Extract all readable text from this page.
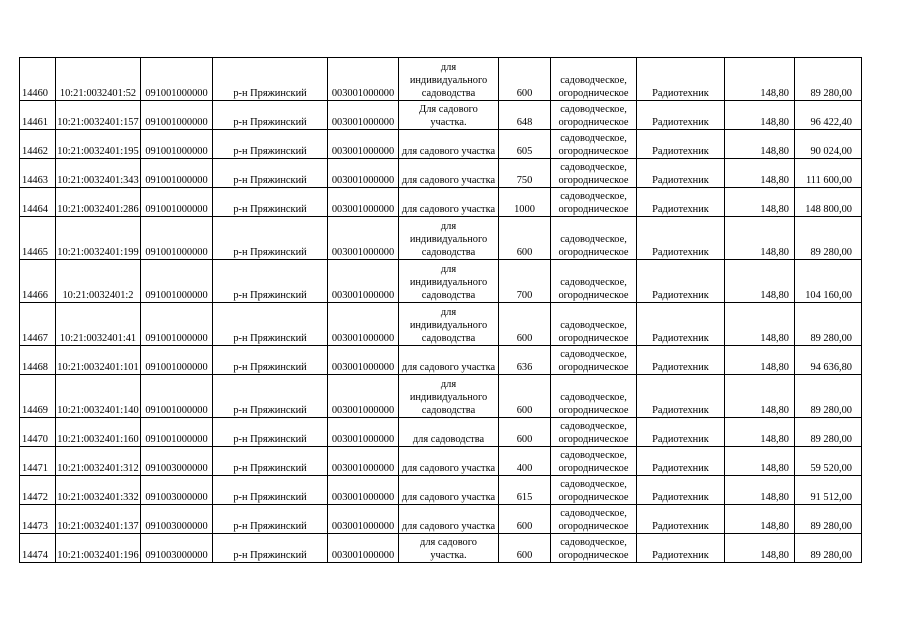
14460	10:21:0032401:52	091001000000	р-н Пряжинский	003001000000	для
индивидуального
садоводства	600	садоводческое,
огородническое	Радиотехник	148,80	89 280,00
14461	10:21:0032401:157	091001000000	р-н Пряжинский	003001000000	Для садового
участка.	648	садоводческое,
огородническое	Радиотехник	148,80	96 422,40
14462	10:21:0032401:195	091001000000	р-н Пряжинский	003001000000	для садового участка	605	садоводческое,
огородническое	Радиотехник	148,80	90 024,00
14463	10:21:0032401:343	091001000000	р-н Пряжинский	003001000000	для садового участка	750	садоводческое,
огородническое	Радиотехник	148,80	111 600,00
14464	10:21:0032401:286	091001000000	р-н Пряжинский	003001000000	для садового участка	1000	садоводческое,
огородническое	Радиотехник	148,80	148 800,00
14465	10:21:0032401:199	091001000000	р-н Пряжинский	003001000000	для
индивидуального
садоводства	600	садоводческое,
огородническое	Радиотехник	148,80	89 280,00
14466	10:21:0032401:2	091001000000	р-н Пряжинский	003001000000	для
индивидуального
садоводства	700	садоводческое,
огородническое	Радиотехник	148,80	104 160,00
14467	10:21:0032401:41	091001000000	р-н Пряжинский	003001000000	для
индивидуального
садоводства	600	садоводческое,
огородническое	Радиотехник	148,80	89 280,00
14468	10:21:0032401:101	091001000000	р-н Пряжинский	003001000000	для садового участка	636	садоводческое,
огородническое	Радиотехник	148,80	94 636,80
14469	10:21:0032401:140	091001000000	р-н Пряжинский	003001000000	для
индивидуального
садоводства	600	садоводческое,
огородническое	Радиотехник	148,80	89 280,00
14470	10:21:0032401:160	091001000000	р-н Пряжинский	003001000000	для садоводства	600	садоводческое,
огородническое	Радиотехник	148,80	89 280,00
14471	10:21:0032401:312	091003000000	р-н Пряжинский	003001000000	для садового участка	400	садоводческое,
огородническое	Радиотехник	148,80	59 520,00
14472	10:21:0032401:332	091003000000	р-н Пряжинский	003001000000	для садового участка	615	садоводческое,
огородническое	Радиотехник	148,80	91 512,00
14473	10:21:0032401:137	091003000000	р-н Пряжинский	003001000000	для садового участка	600	садоводческое,
огородническое	Радиотехник	148,80	89 280,00
14474	10:21:0032401:196	091003000000	р-н Пряжинский	003001000000	для садового
участка.	600	садоводческое,
огородническое	Радиотехник	148,80	89 280,00
